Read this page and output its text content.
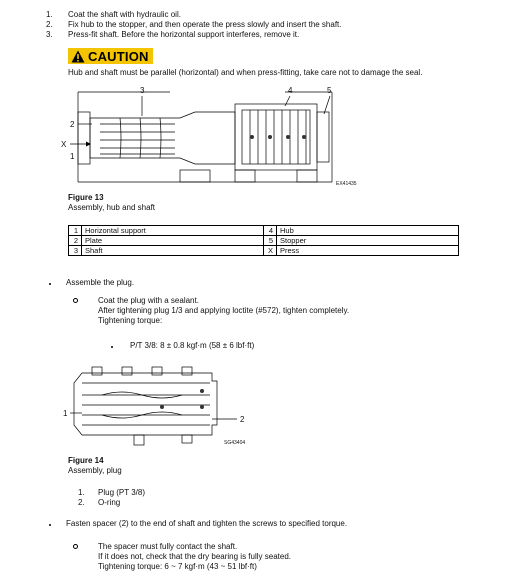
1. Coat the shaft with hydraulic oil.
2. Fix hub to the stopper, and then operate the press slowly and insert the shaft.
3. Press-fit shaft. Before the horizontal support interferes, remove it.
CAUTION
Hub and shaft must be parallel (horizontal) and when press-fitting, take care not to damage the seal.
3	4	5
2
X
1
EX41435
Figure 13
Assembly, hub and shaft
1	Horizontal support	4	Hub
2	Plate	5	Stopper
3	Shaft	X	Press
Assemble the plug.
Coat the plug with a sealant.
After tightening plug 1/3 and applying loctite (#572), tighten completely.
Tightening torque:
P/T 3/8: 8 ± 0.8 kgf·m (58 ± 6 lbf·ft)
1
2
SG43404
Figure 14
Assembly, plug
1. Plug (PT 3/8)
2. O-ring
Fasten spacer (2) to the end of shaft and tighten the screws to specified torque.
The spacer must fully contact the shaft.
If it does not, check that the dry bearing is fully seated.
Tightening torque: 6 ~ 7 kgf·m (43 ~ 51 lbf·ft)
